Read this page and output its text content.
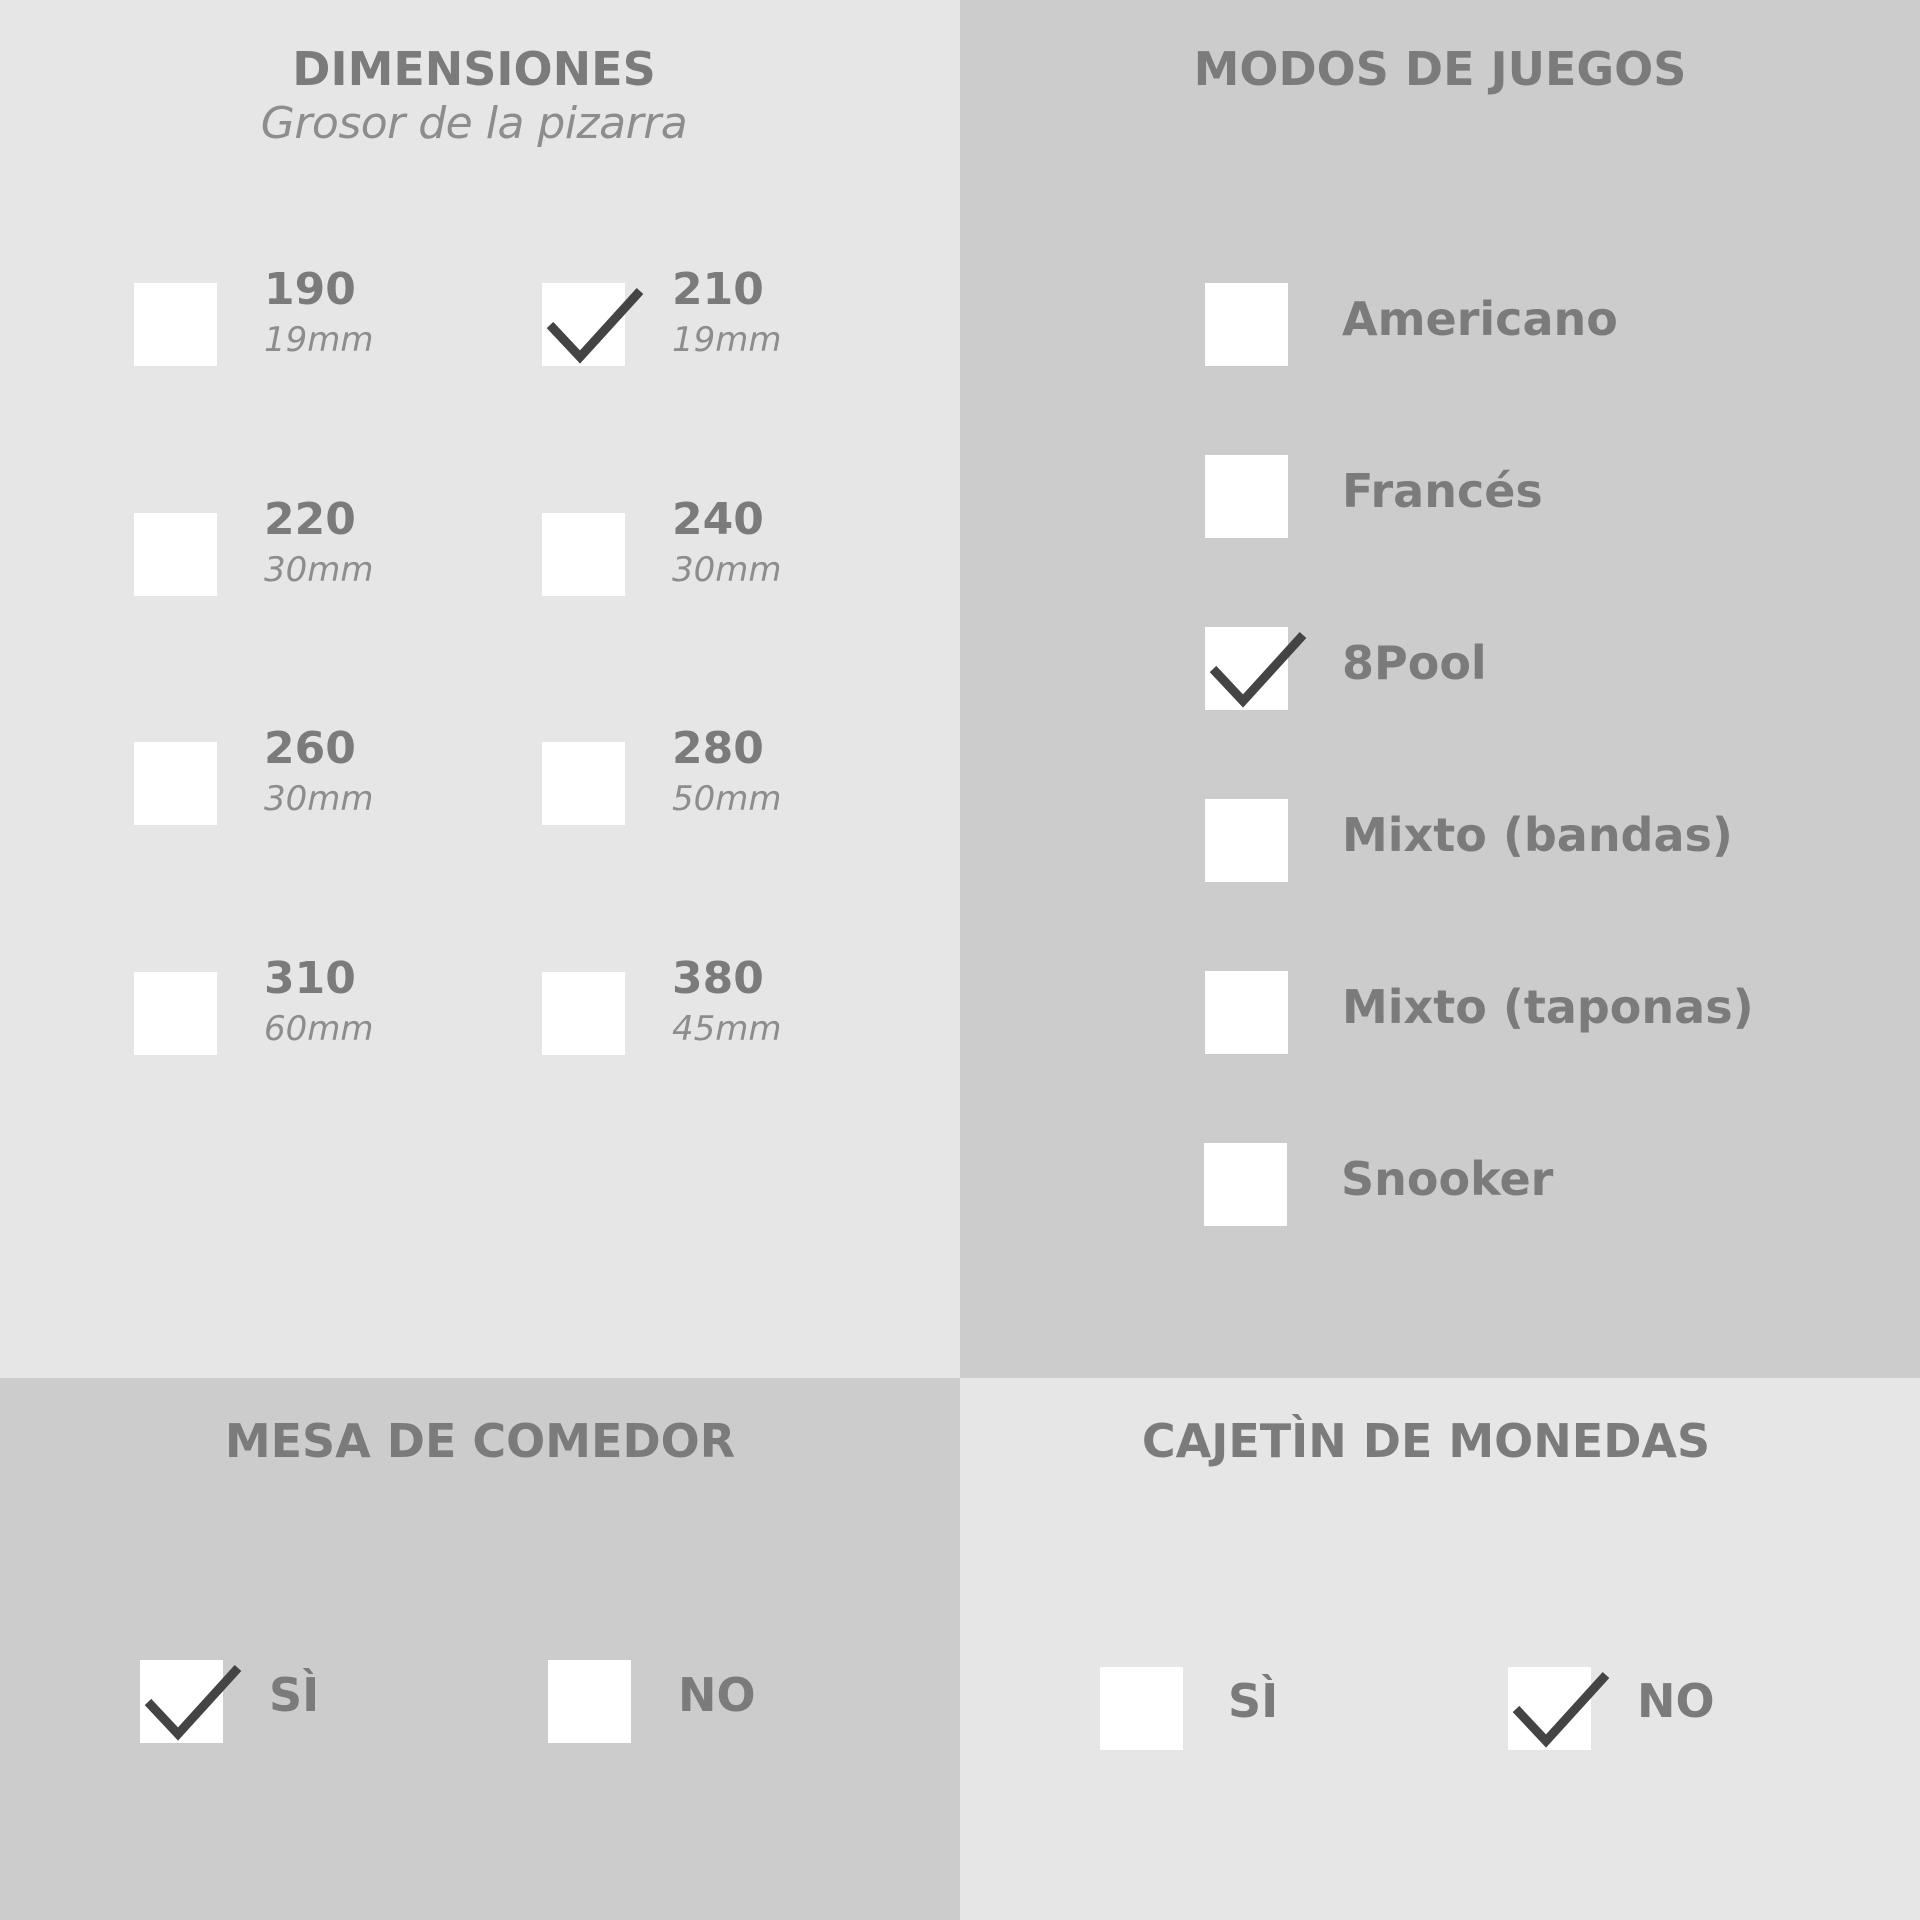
DIMENSIONES
Grosor de la pizarra
190
19mm
210
19mm
220
30mm
240
30mm
260
30mm
280
50mm
310
60mm
380
45mm
MODOS DE JUEGOS
Americano
Francés
8Pool
Mixto (bandas)
Mixto (taponas)
Snooker
MESA DE COMEDOR
SÌ	NO
CAJETÌN DE MONEDAS
SÌ	NO
